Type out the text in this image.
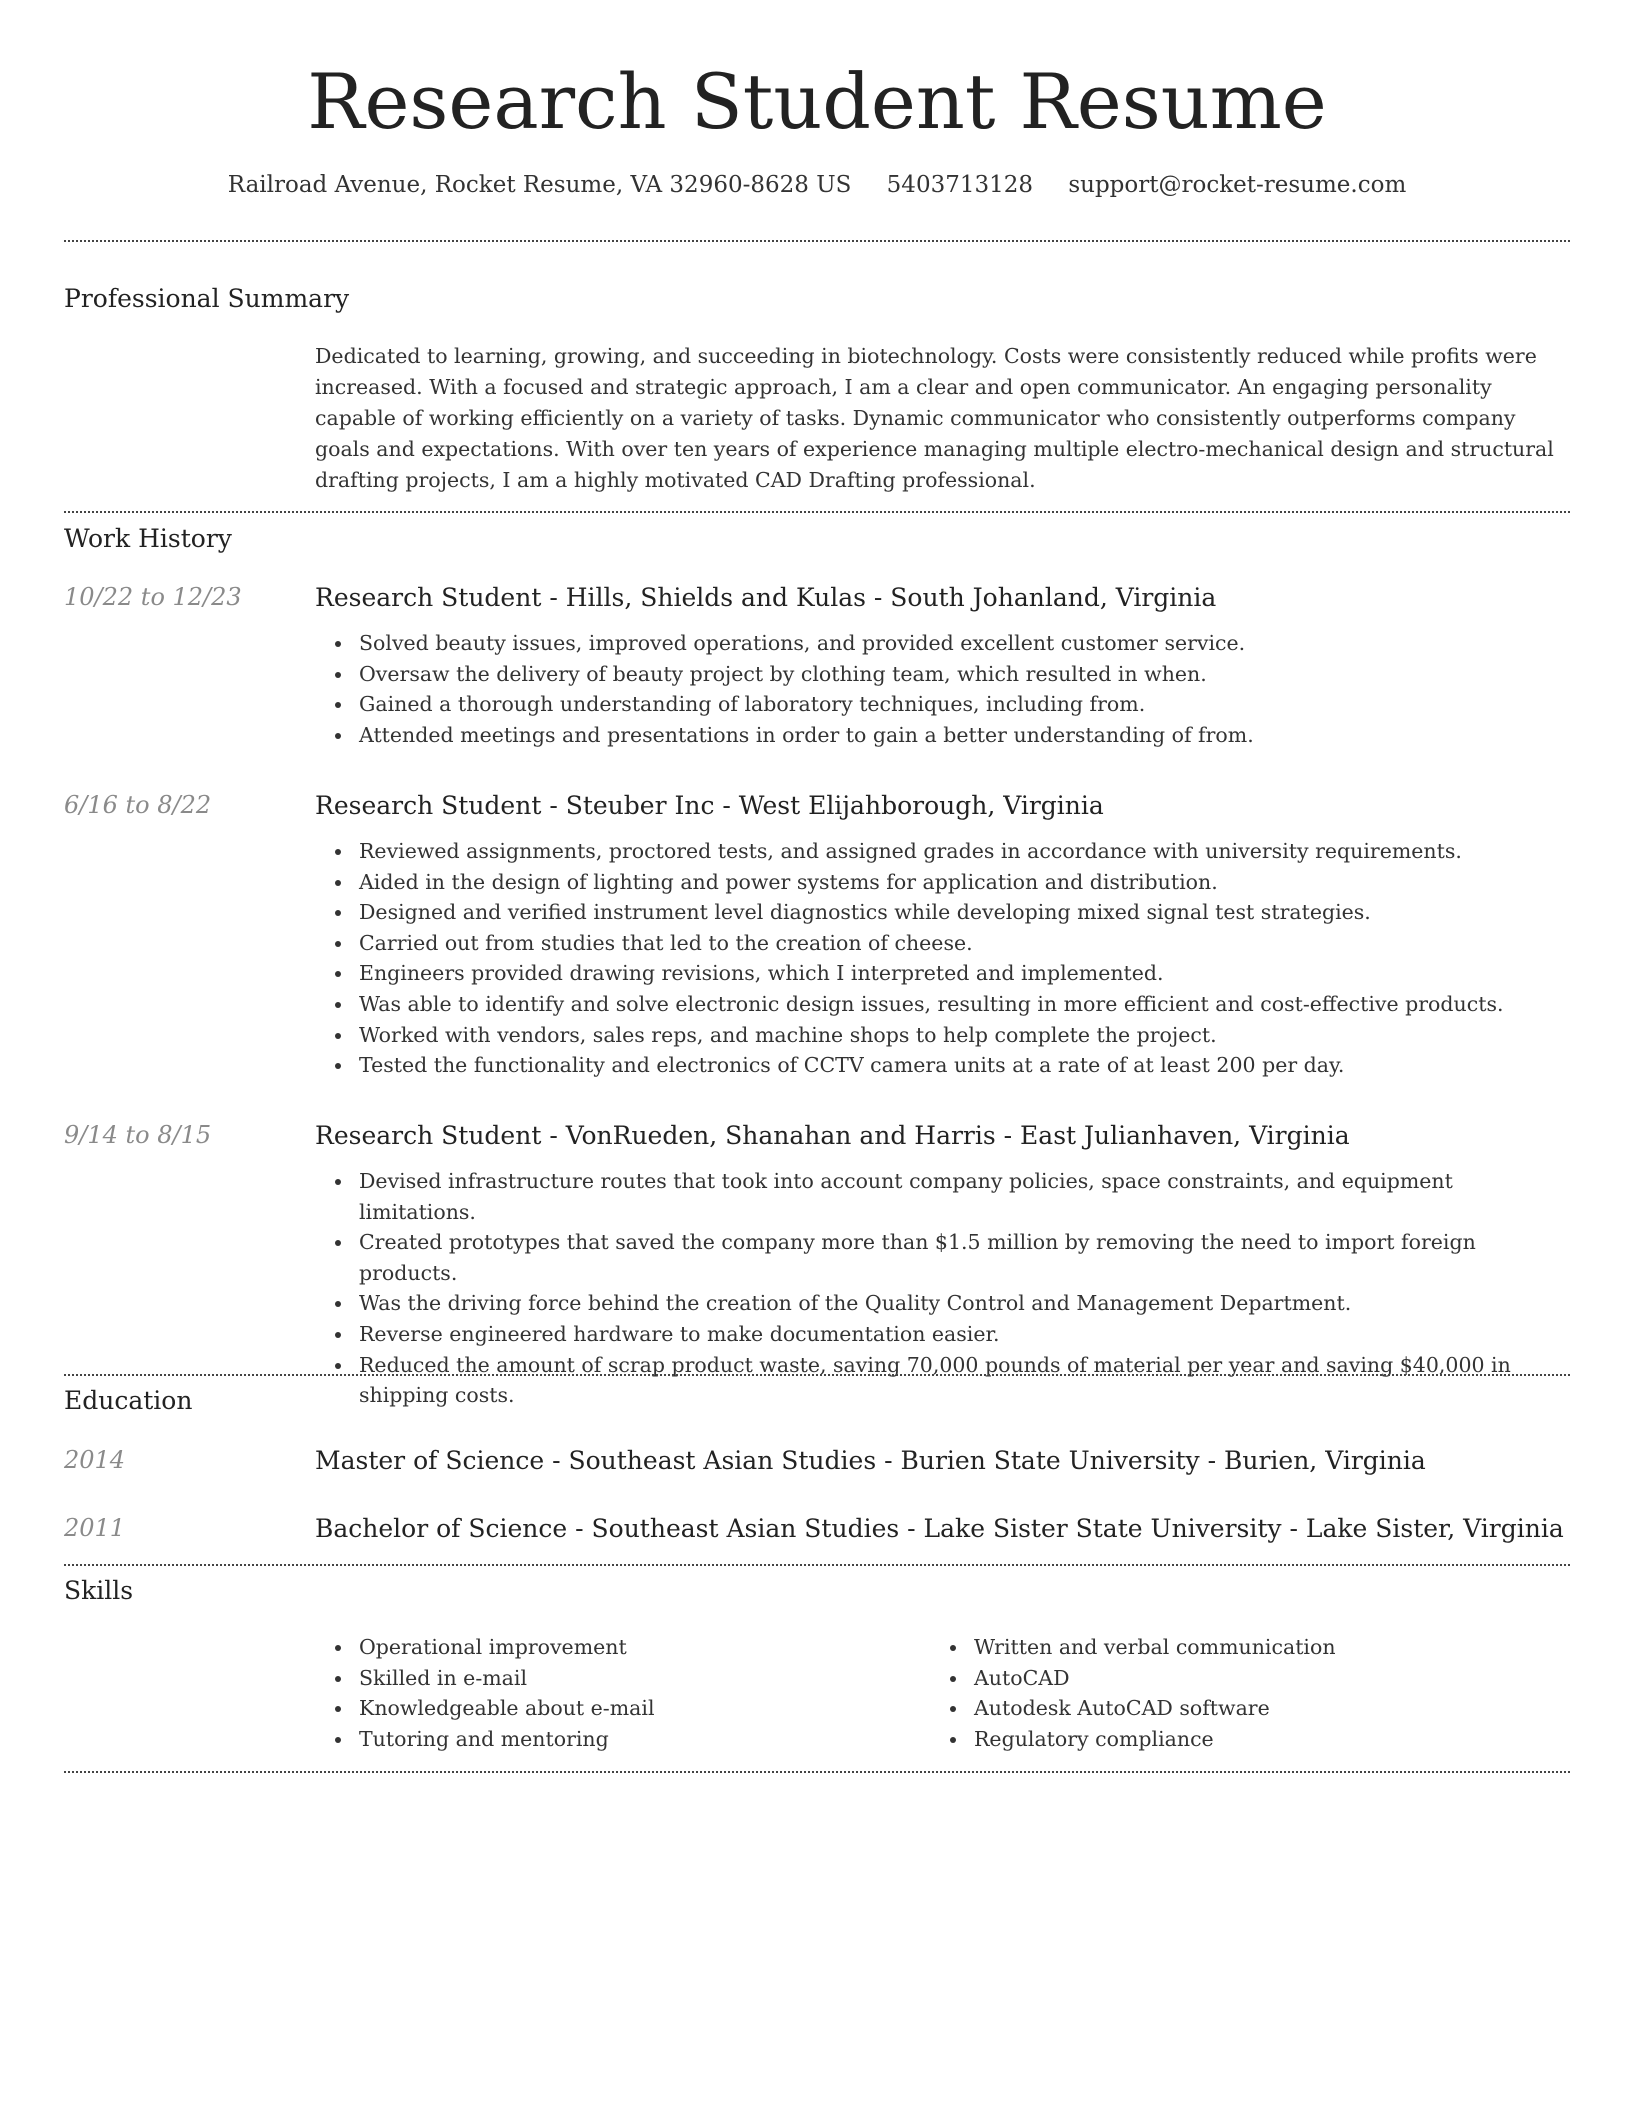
Research Student Resume
Railroad Avenue, Rocket Resume, VA 32960-8628 US 5403713128 support@rocket-resume.com
Professional Summary

Dedicated to learning, growing, and succeeding in biotechnology. Costs were consistently reduced while profits were increased. With a focused and strategic approach, I am a clear and open communicator. An engaging personality capable of working efficiently on a variety of tasks. Dynamic communicator who consistently outperforms company goals and expectations. With over ten years of experience managing multiple electro-mechanical design and structural drafting projects, I am a highly motivated CAD Drafting professional.

Work History
10/22 to 12/23	Research Student - Hills, Shields and Kulas - South Johanland, Virginia

Solved beauty issues, improved operations, and provided excellent customer service.
Oversaw the delivery of beauty project by clothing team, which resulted in when.
Gained a thorough understanding of laboratory techniques, including from.
Attended meetings and presentations in order to gain a better understanding of from.
6/16 to 8/22	Research Student - Steuber Inc - West Elijahborough, Virginia

Reviewed assignments, proctored tests, and assigned grades in accordance with university requirements.
Aided in the design of lighting and power systems for application and distribution.
Designed and verified instrument level diagnostics while developing mixed signal test strategies.
Carried out from studies that led to the creation of cheese.
Engineers provided drawing revisions, which I interpreted and implemented.
Was able to identify and solve electronic design issues, resulting in more efficient and cost-effective products.
Worked with vendors, sales reps, and machine shops to help complete the project.
Tested the functionality and electronics of CCTV camera units at a rate of at least 200 per day.
9/14 to 8/15	Research Student - VonRueden, Shanahan and Harris - East Julianhaven, Virginia

Devised infrastructure routes that took into account company policies, space constraints, and equipment limitations.
Created prototypes that saved the company more than $1.5 million by removing the need to import foreign products.
Was the driving force behind the creation of the Quality Control and Management Department.
Reverse engineered hardware to make documentation easier.
Reduced the amount of scrap product waste, saving 70,000 pounds of material per year and saving $40,000 in shipping costs.
Education
2014	Master of Science - Southeast Asian Studies - Burien State University - Burien, Virginia

2011	Bachelor of Science - Southeast Asian Studies - Lake Sister State University - Lake Sister, Virginia

Skills
Operational improvement
Skilled in e-mail
Knowledgeable about e-mail
Tutoring and mentoring
Written and verbal communication
AutoCAD
Autodesk AutoCAD software
Regulatory compliance
